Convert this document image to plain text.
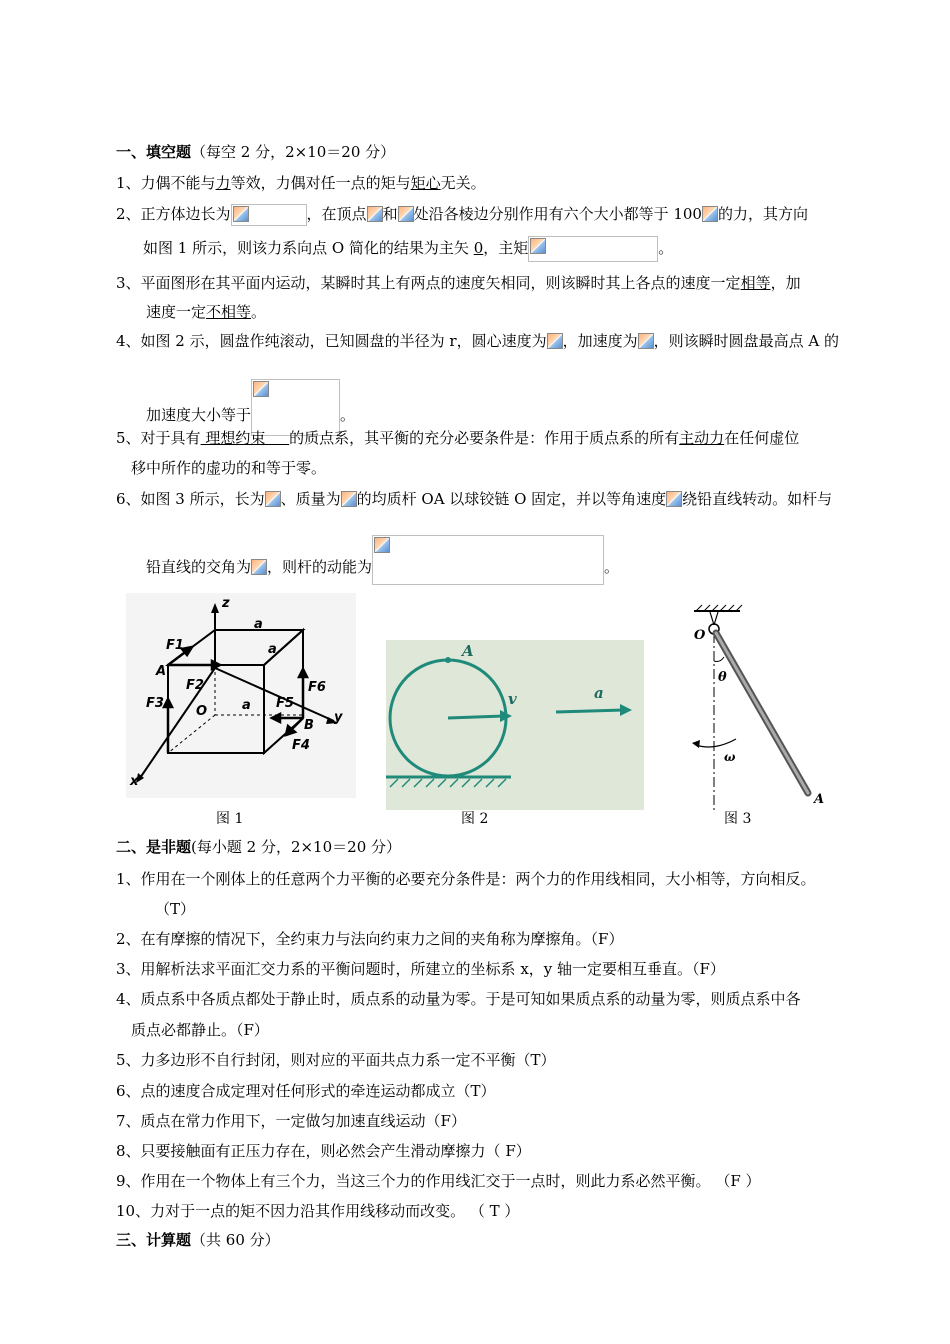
一、填空题（每空 2 分，2×10＝20 分）
1、力偶不能与力等效，力偶对任一点的矩与矩心无关。
2、正方体边长为	，在顶点 和 处沿各棱边分别作用有六个大小都等于 100 的力，其方向
如图 1 所示，则该力系向点 O 简化的结果为主矢 0，主矩	。
3、平面图形在其平面内运动，某瞬时其上有两点的速度矢相同，则该瞬时其上各点的速度一定相等，加
速度一定不相等。
4、如图 2 示，圆盘作纯滚动，已知圆盘的半径为 r，圆心速度为 ，加速度为 ，则该瞬时圆盘最高点 A 的
加速度大小等于	。
5、对于具有 理想约束     的质点系，其平衡的充分必要条件是：作用于质点系的所有主动力在任何虚位
移中所作的虚功的和等于零。
6、如图 3 所示，长为 、质量为 的均质杆 OA 以球铰链 O 固定，并以等角速度 绕铅直线转动。如杆与
铅直线的交角为 ，则杆的动能为	。
z
y
x
O
A
B
a
a
a
F1
F2
F3
F4
F5
F6
图 1
A
v	a
图 2
O
A
θ
ω
图 3
二、是非题(每小题 2 分，2×10＝20 分）
1、作用在一个刚体上的任意两个力平衡的必要充分条件是：两个力的作用线相同，大小相等，方向相反。
（T）
2、在有摩擦的情况下，全约束力与法向约束力之间的夹角称为摩擦角。（F）
3、用解析法求平面汇交力系的平衡问题时，所建立的坐标系 x，y 轴一定要相互垂直。（F）
4、质点系中各质点都处于静止时，质点系的动量为零。于是可知如果质点系的动量为零，则质点系中各
质点必都静止。（F）
5、力多边形不自行封闭，则对应的平面共点力系一定不平衡（T）
6、点的速度合成定理对任何形式的牵连运动都成立（T）
7、质点在常力作用下，一定做匀加速直线运动（F）
8、只要接触面有正压力存在，则必然会产生滑动摩擦力（ F）
9、作用在一个物体上有三个力，当这三个力的作用线汇交于一点时，则此力系必然平衡。 （F ）
10、力对于一点的矩不因力沿其作用线移动而改变。 （ T ）
三、计算题（共 60 分）
